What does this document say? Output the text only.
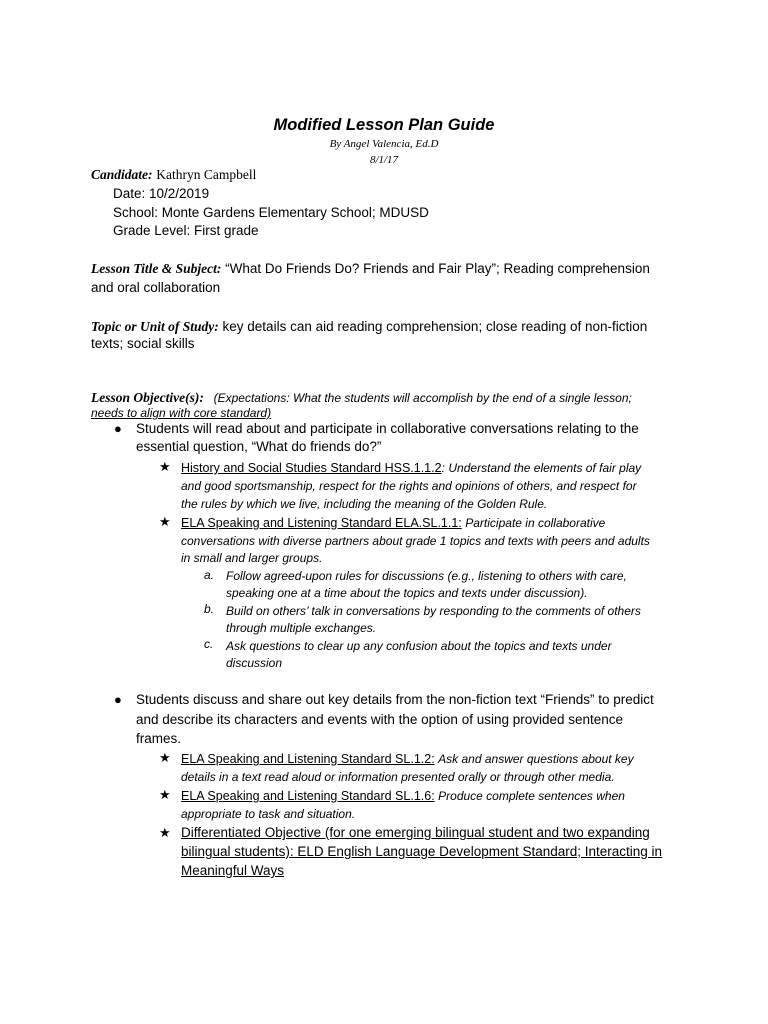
Modified Lesson Plan Guide
By Angel Valencia, Ed.D
8/1/17
Candidate: Kathryn Campbell
Date: 10/2/2019
School: Monte Gardens Elementary School; MDUSD
Grade Level: First grade
Lesson Title & Subject: “What Do Friends Do? Friends and Fair Play”; Reading comprehension
and oral collaboration
Topic or Unit of Study: key details can aid reading comprehension; close reading of non-fiction
texts; social skills
Lesson Objective(s): (Expectations: What the students will accomplish by the end of a single lesson;
needs to align with core standard)
● Students will read about and participate in collaborative conversations relating to the
essential question, “What do friends do?”
★ History and Social Studies Standard HSS.1.1.2: Understand the elements of fair play
and good sportsmanship, respect for the rights and opinions of others, and respect for
the rules by which we live, including the meaning of the Golden Rule.
★ ELA Speaking and Listening Standard ELA.SL.1.1: Participate in collaborative
conversations with diverse partners about grade 1 topics and texts with peers and adults
in small and larger groups.
a. Follow agreed-upon rules for discussions (e.g., listening to others with care,
speaking one at a time about the topics and texts under discussion).
b. Build on others’ talk in conversations by responding to the comments of others
through multiple exchanges.
c. Ask questions to clear up any confusion about the topics and texts under
discussion
● Students discuss and share out key details from the non-fiction text “Friends” to predict
and describe its characters and events with the option of using provided sentence
frames.
★ ELA Speaking and Listening Standard SL.1.2: Ask and answer questions about key
details in a text read aloud or information presented orally or through other media.
★ ELA Speaking and Listening Standard SL.1.6: Produce complete sentences when
appropriate to task and situation.
★ Differentiated Objective (for one emerging bilingual student and two expanding
bilingual students): ELD English Language Development Standard; Interacting in
Meaningful Ways
